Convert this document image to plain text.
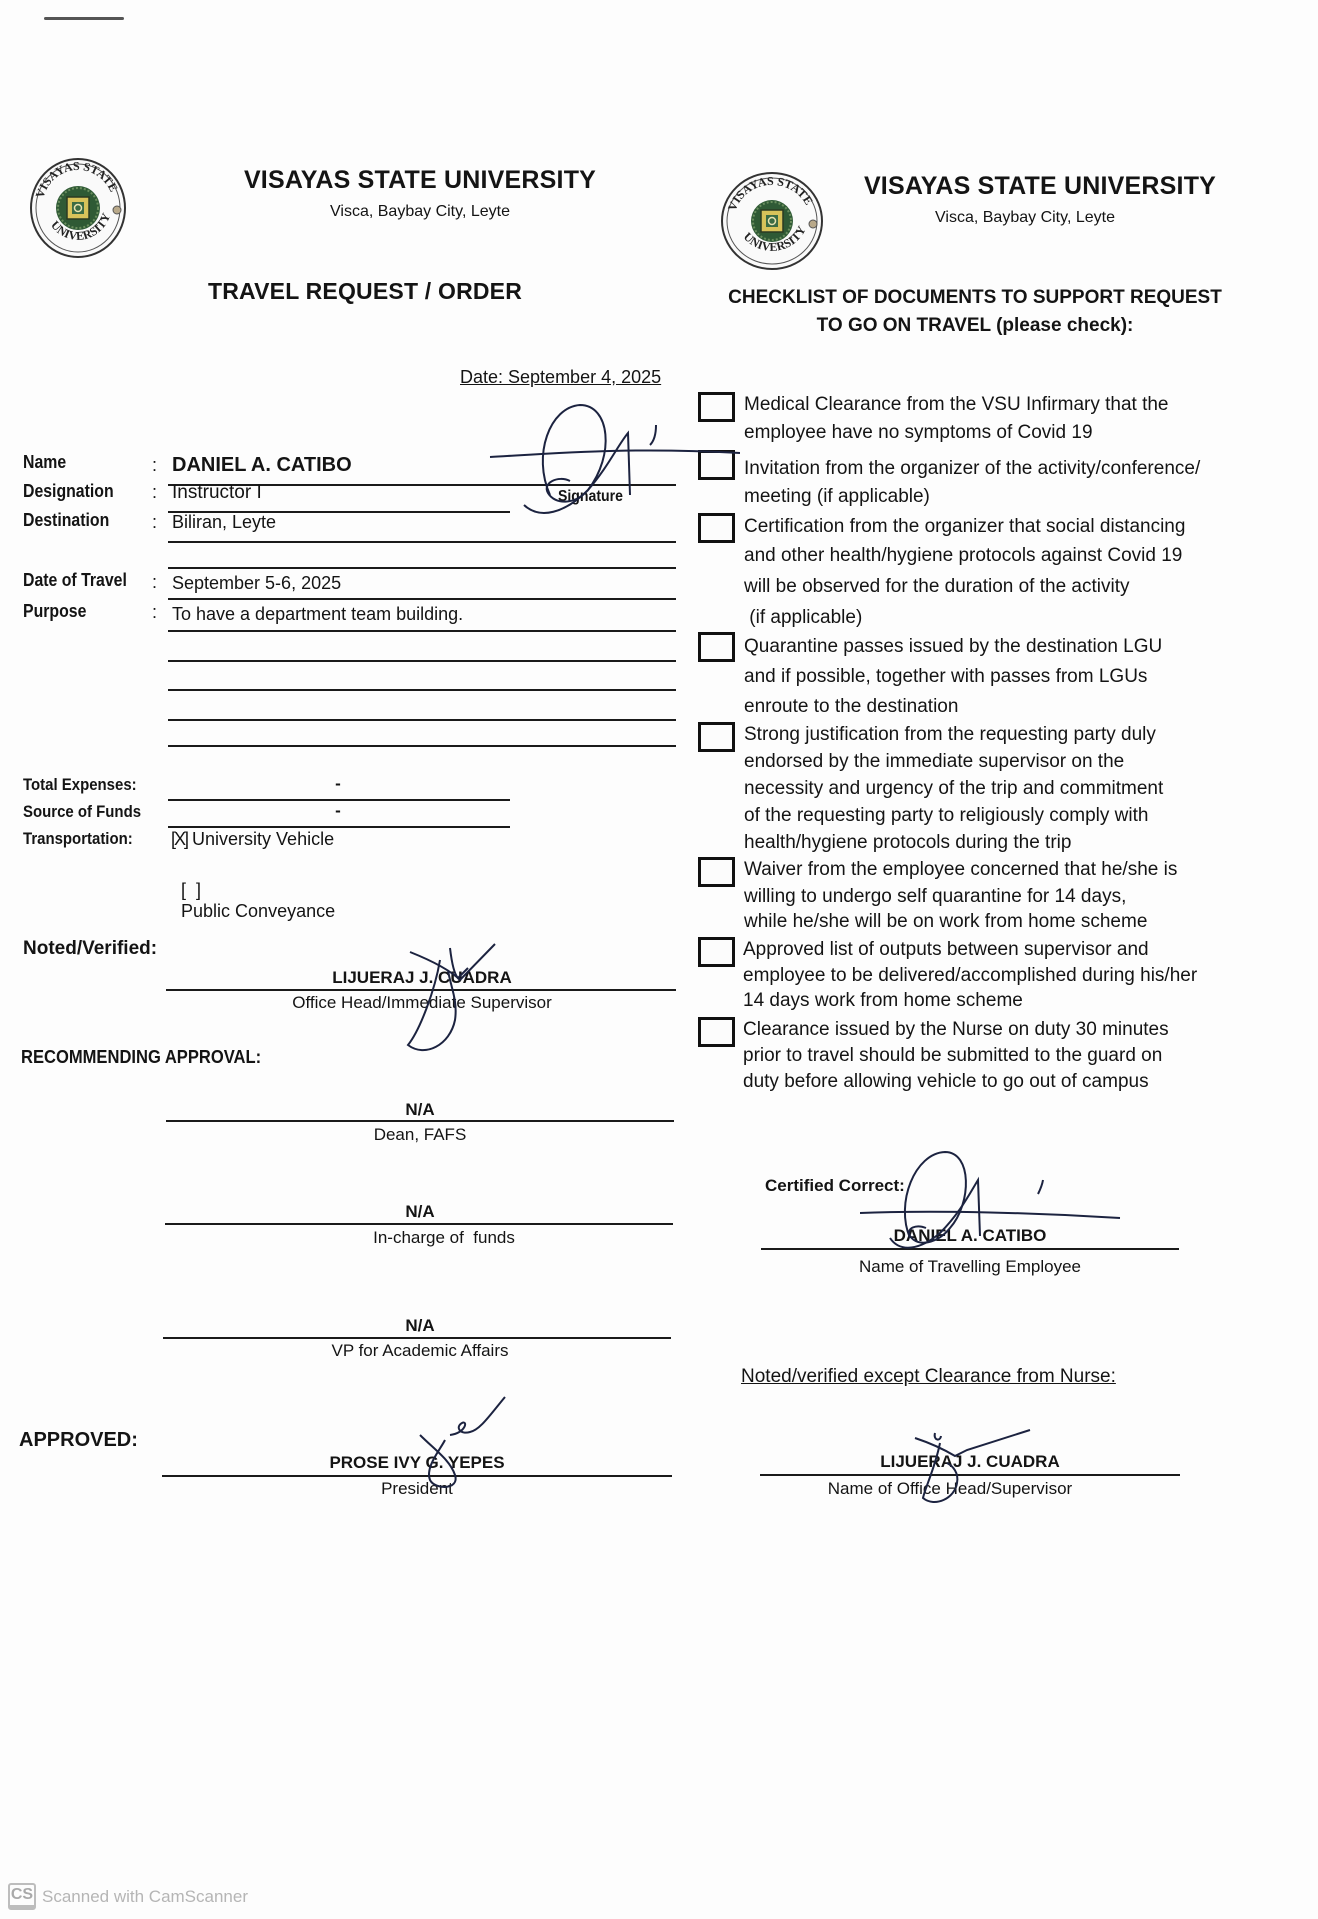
VISAYAS STATE
UNIVERSITY
VISAYAS STATE UNIVERSITY
Visca, Baybay City, Leyte
TRAVEL REQUEST / ORDER
VISAYAS STATE
UNIVERSITY
VISAYAS STATE UNIVERSITY
Visca, Baybay City, Leyte
CHECKLIST OF DOCUMENTS TO SUPPORT REQUEST
TO GO ON TRAVEL (please check):
Date: September 4, 2025
Name	: DANIEL A. CATIBO
Signature
Designation : Instructor I
Destination : Biliran, Leyte
Date of Travel : September 5-6, 2025
Purpose	: To have a department team building.
Total Expenses:	-
Source of Funds	-
Transportation: [X] University Vehicle

[  ]
Public Conveyance

Noted/Verified:
LIJUERAJ J. CUADRA
Office Head/Immediate Supervisor
RECOMMENDING APPROVAL:
N/A
Dean, FAFS
N/A
In-charge of  funds
N/A
VP for Academic Affairs
APPROVED:
PROSE IVY G. YEPES
President
Medical Clearance from the VSU Infirmary that the
employee have no symptoms of Covid 19
Invitation from the organizer of the activity/conference/
meeting (if applicable)
Certification from the organizer that social distancing
and other health/hygiene protocols against Covid 19
will be observed for the duration of the activity
(if applicable)
Quarantine passes issued by the destination LGU
and if possible, together with passes from LGUs
enroute to the destination
Strong justification from the requesting party duly
endorsed by the immediate supervisor on the
necessity and urgency of the trip and commitment
of the requesting party to religiously comply with
health/hygiene protocols during the trip
Waiver from the employee concerned that he/she is
willing to undergo self quarantine for 14 days,
while he/she will be on work from home scheme
Approved list of outputs between supervisor and
employee to be delivered/accomplished during his/her
14 days work from home scheme
Clearance issued by the Nurse on duty 30 minutes
prior to travel should be submitted to the guard on
duty before allowing vehicle to go out of campus
Certified Correct:
DANIEL A. CATIBO
Name of Travelling Employee
Noted/verified except Clearance from Nurse:
LIJUERAJ J. CUADRA
Name of Office Head/Supervisor
CS Scanned with CamScanner
